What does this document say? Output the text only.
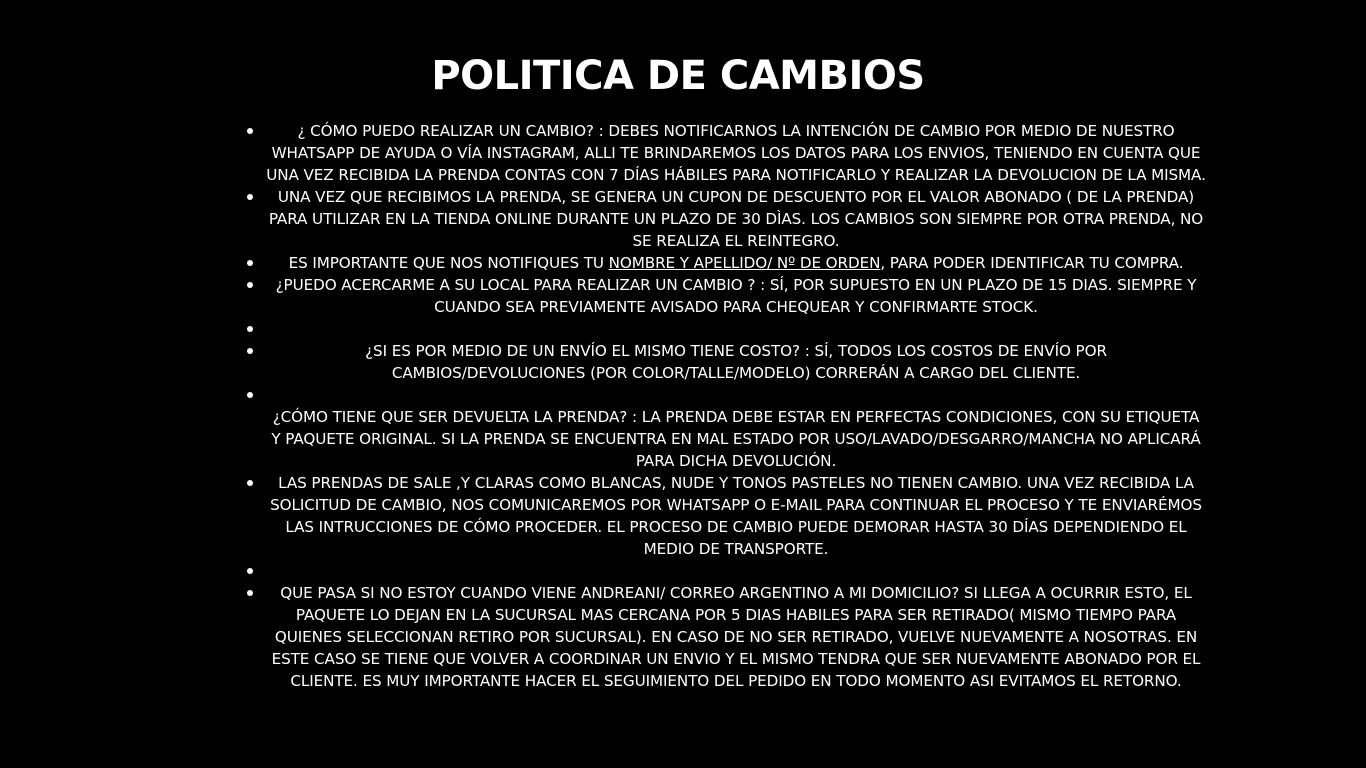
POLITICA DE CAMBIOS
¿ CÓMO PUEDO REALIZAR UN CAMBIO? : DEBES NOTIFICARNOS LA INTENCIÓN DE CAMBIO POR MEDIO DE NUESTRO WHATSAPP DE AYUDA O VÍA INSTAGRAM, ALLI TE BRINDAREMOS LOS DATOS PARA LOS ENVIOS, TENIENDO EN CUENTA QUE UNA VEZ RECIBIDA LA PRENDA CONTAS CON 7 DÍAS HÁBILES PARA NOTIFICARLO Y REALIZAR LA DEVOLUCION DE LA MISMA.
UNA VEZ QUE RECIBIMOS LA PRENDA, SE GENERA UN CUPON DE DESCUENTO POR EL VALOR ABONADO ( DE LA PRENDA) PARA UTILIZAR EN LA TIENDA ONLINE DURANTE UN PLAZO DE 30 DÌAS. LOS CAMBIOS SON SIEMPRE POR OTRA PRENDA, NO SE REALIZA EL REINTEGRO.
ES IMPORTANTE QUE NOS NOTIFIQUES TU NOMBRE Y APELLIDO/ Nº DE ORDEN, PARA PODER IDENTIFICAR TU COMPRA.
¿PUEDO ACERCARME A SU LOCAL PARA REALIZAR UN CAMBIO ? : SÍ, POR SUPUESTO EN UN PLAZO DE 15 DIAS. SIEMPRE Y CUANDO SEA PREVIAMENTE AVISADO PARA CHEQUEAR Y CONFIRMARTE STOCK.
¿SI ES POR MEDIO DE UN ENVÍO EL MISMO TIENE COSTO? : SÍ, TODOS LOS COSTOS DE ENVÍO POR CAMBIOS/DEVOLUCIONES (POR COLOR/TALLE/MODELO) CORRERÁN A CARGO DEL CLIENTE.
¿CÓMO TIENE QUE SER DEVUELTA LA PRENDA? : LA PRENDA DEBE ESTAR EN PERFECTAS CONDICIONES, CON SU ETIQUETA Y PAQUETE ORIGINAL. SI LA PRENDA SE ENCUENTRA EN MAL ESTADO POR USO/LAVADO/DESGARRO/MANCHA NO APLICARÁ PARA DICHA DEVOLUCIÓN.
LAS PRENDAS DE SALE ,Y CLARAS COMO BLANCAS, NUDE Y TONOS PASTELES NO TIENEN CAMBIO. UNA VEZ RECIBIDA LA SOLICITUD DE CAMBIO, NOS COMUNICAREMOS POR WHATSAPP O E-MAIL PARA CONTINUAR EL PROCESO Y TE ENVIARÉMOS LAS INTRUCCIONES DE CÓMO PROCEDER. EL PROCESO DE CAMBIO PUEDE DEMORAR HASTA 30 DÍAS DEPENDIENDO EL MEDIO DE TRANSPORTE.
QUE PASA SI NO ESTOY CUANDO VIENE ANDREANI/ CORREO ARGENTINO A MI DOMICILIO? SI LLEGA A OCURRIR ESTO, EL PAQUETE LO DEJAN EN LA SUCURSAL MAS CERCANA POR 5 DIAS HABILES PARA SER RETIRADO( MISMO TIEMPO PARA QUIENES SELECCIONAN RETIRO POR SUCURSAL). EN CASO DE NO SER RETIRADO, VUELVE NUEVAMENTE A NOSOTRAS. EN ESTE CASO SE TIENE QUE VOLVER A COORDINAR UN ENVIO Y EL MISMO TENDRA QUE SER NUEVAMENTE ABONADO POR EL CLIENTE. ES MUY IMPORTANTE HACER EL SEGUIMIENTO DEL PEDIDO EN TODO MOMENTO ASI EVITAMOS EL RETORNO.
